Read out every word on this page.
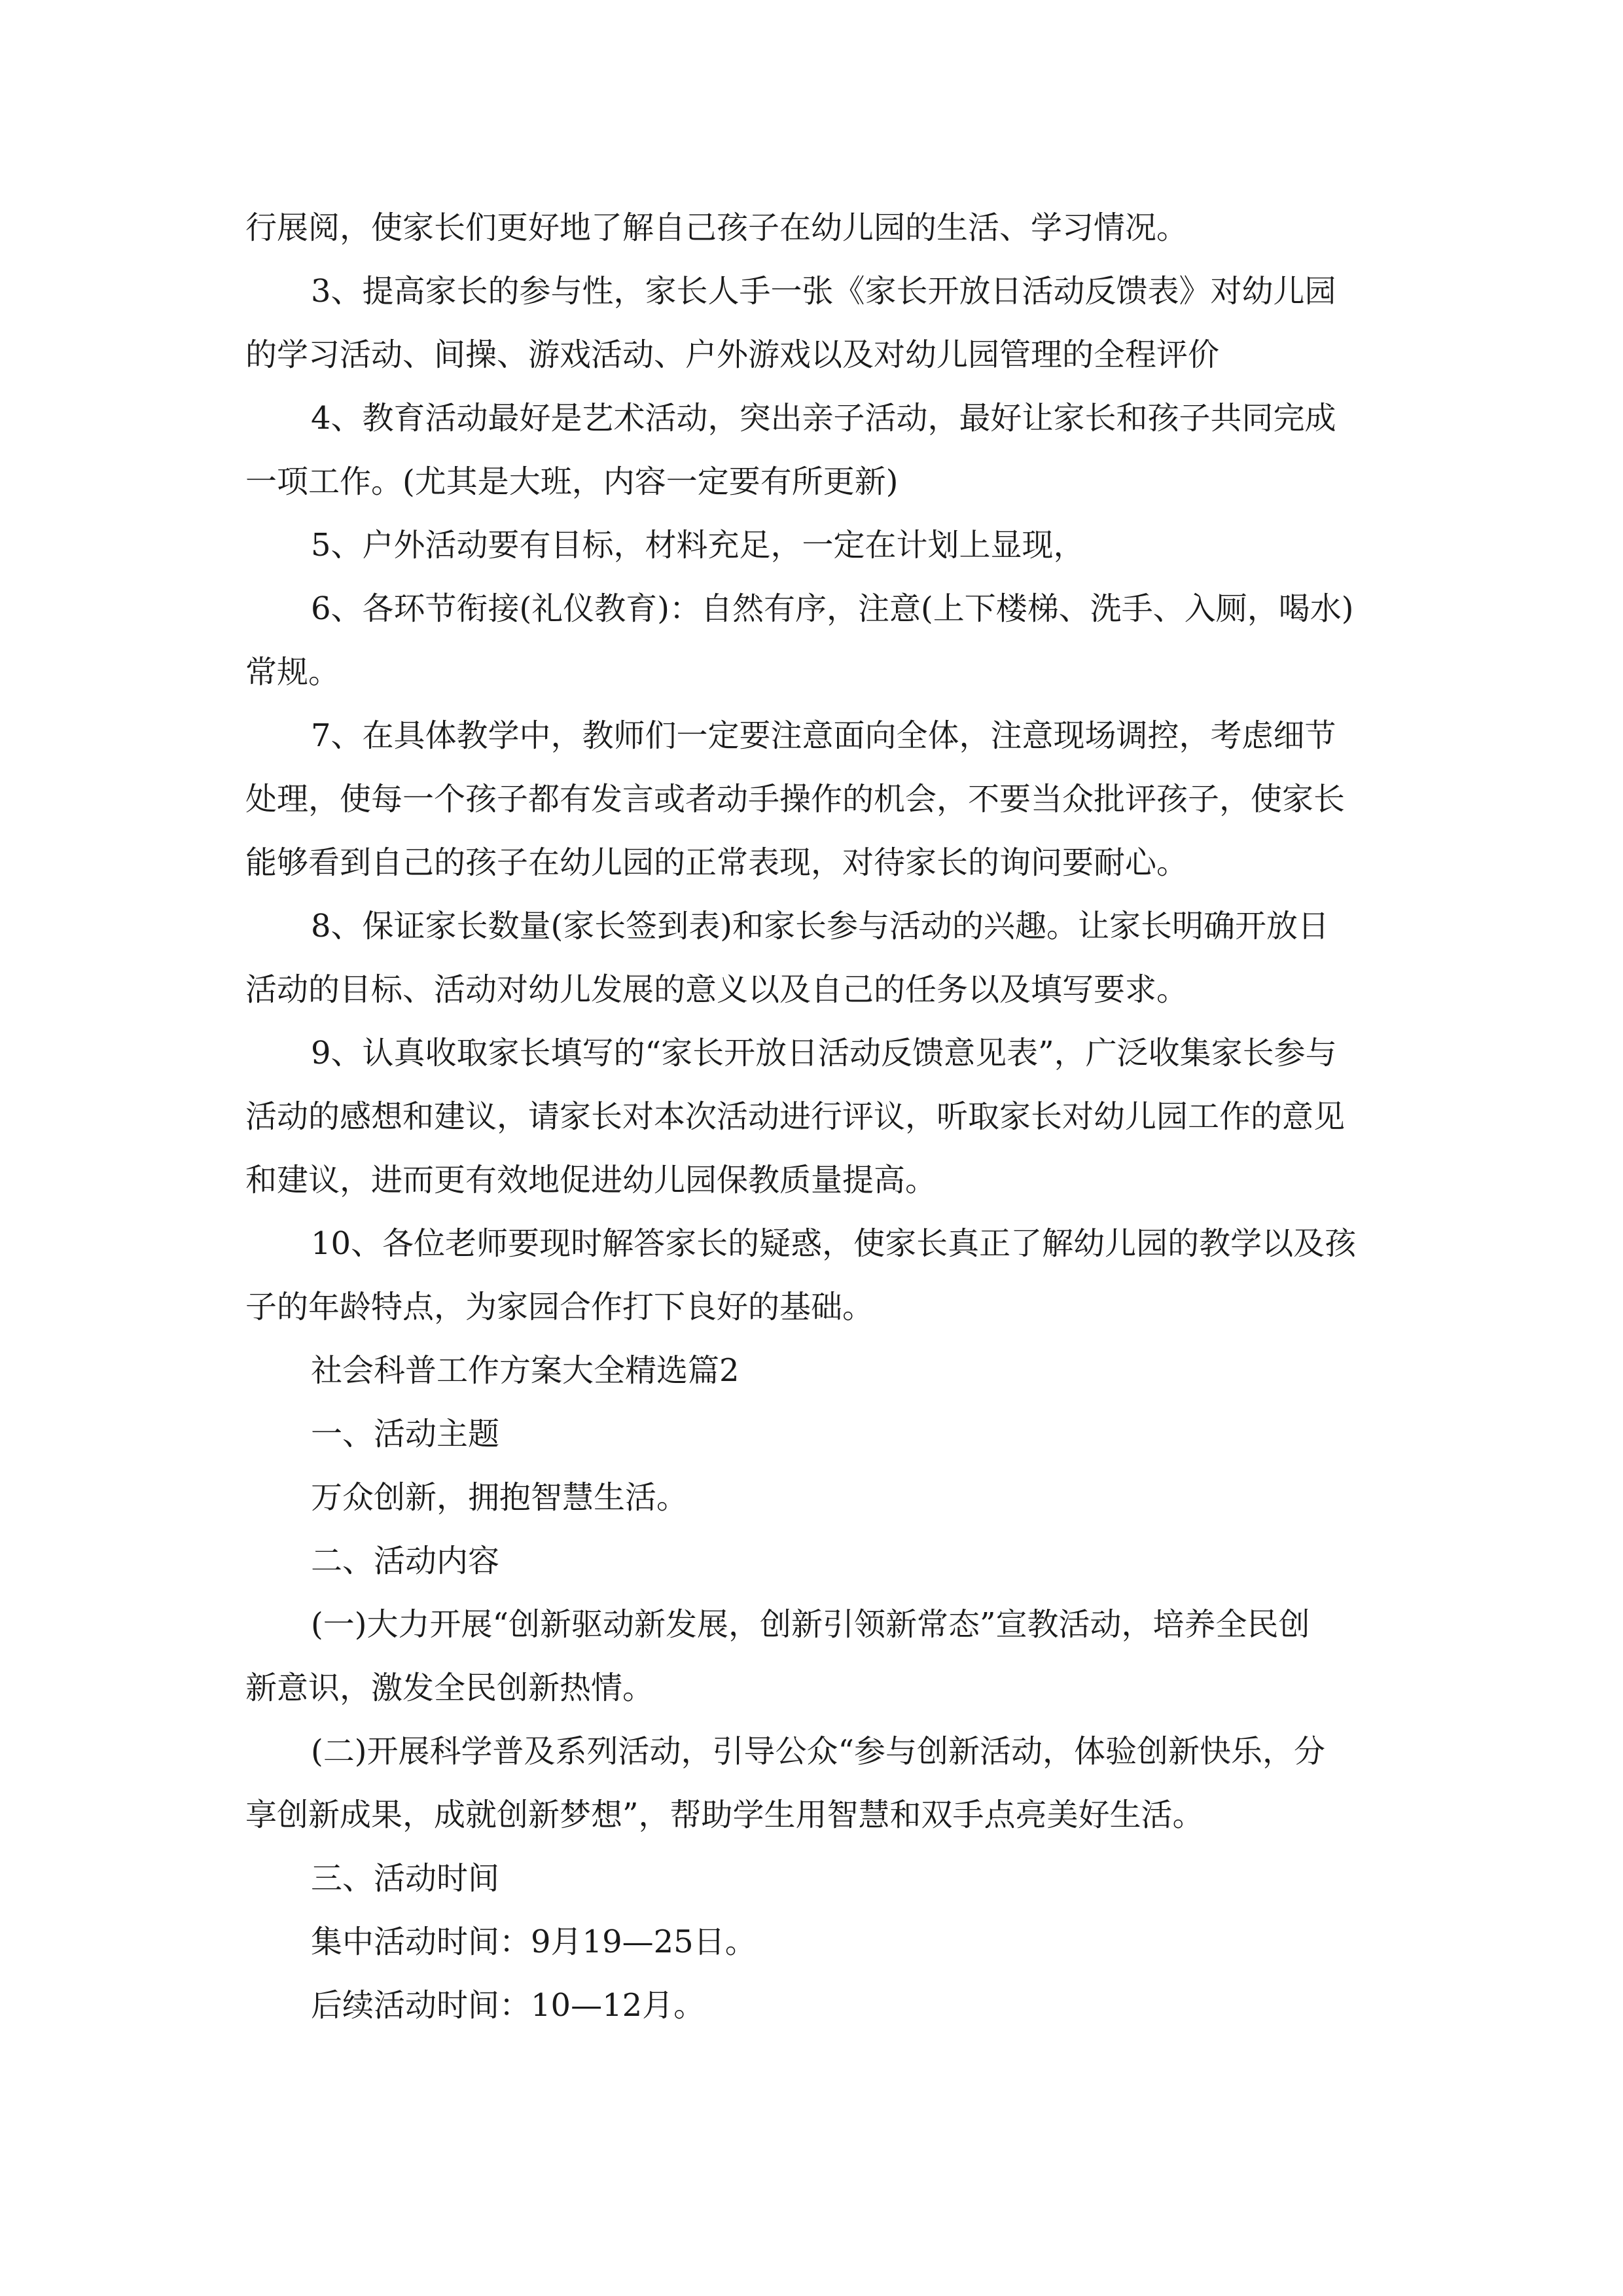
行展阅，使家长们更好地了解自己孩子在幼儿园的生活、学习情况。

3、提高家长的参与性，家长人手一张《家长开放日活动反馈表》对幼儿园

的学习活动、间操、游戏活动、户外游戏以及对幼儿园管理的全程评价

4、教育活动最好是艺术活动，突出亲子活动，最好让家长和孩子共同完成

一项工作。(尤其是大班，内容一定要有所更新)

5、户外活动要有目标，材料充足，一定在计划上显现，

6、各环节衔接(礼仪教育)：自然有序，注意(上下楼梯、洗手、入厕，喝水)

常规。

7、在具体教学中，教师们一定要注意面向全体，注意现场调控，考虑细节

处理，使每一个孩子都有发言或者动手操作的机会，不要当众批评孩子，使家长

能够看到自己的孩子在幼儿园的正常表现，对待家长的询问要耐心。

8、保证家长数量(家长签到表)和家长参与活动的兴趣。让家长明确开放日

活动的目标、活动对幼儿发展的意义以及自己的任务以及填写要求。

9、认真收取家长填写的“家长开放日活动反馈意见表”，广泛收集家长参与

活动的感想和建议，请家长对本次活动进行评议，听取家长对幼儿园工作的意见

和建议，进而更有效地促进幼儿园保教质量提高。

10、各位老师要现时解答家长的疑惑，使家长真正了解幼儿园的教学以及孩

子的年龄特点，为家园合作打下良好的基础。

社会科普工作方案大全精选篇2

一、活动主题

万众创新，拥抱智慧生活。

二、活动内容

(一)大力开展“创新驱动新发展，创新引领新常态”宣教活动，培养全民创

新意识，激发全民创新热情。

(二)开展科学普及系列活动，引导公众“参与创新活动，体验创新快乐，分

享创新成果，成就创新梦想”，帮助学生用智慧和双手点亮美好生活。

三、活动时间

集中活动时间：9月19—25日。

后续活动时间：10—12月。
